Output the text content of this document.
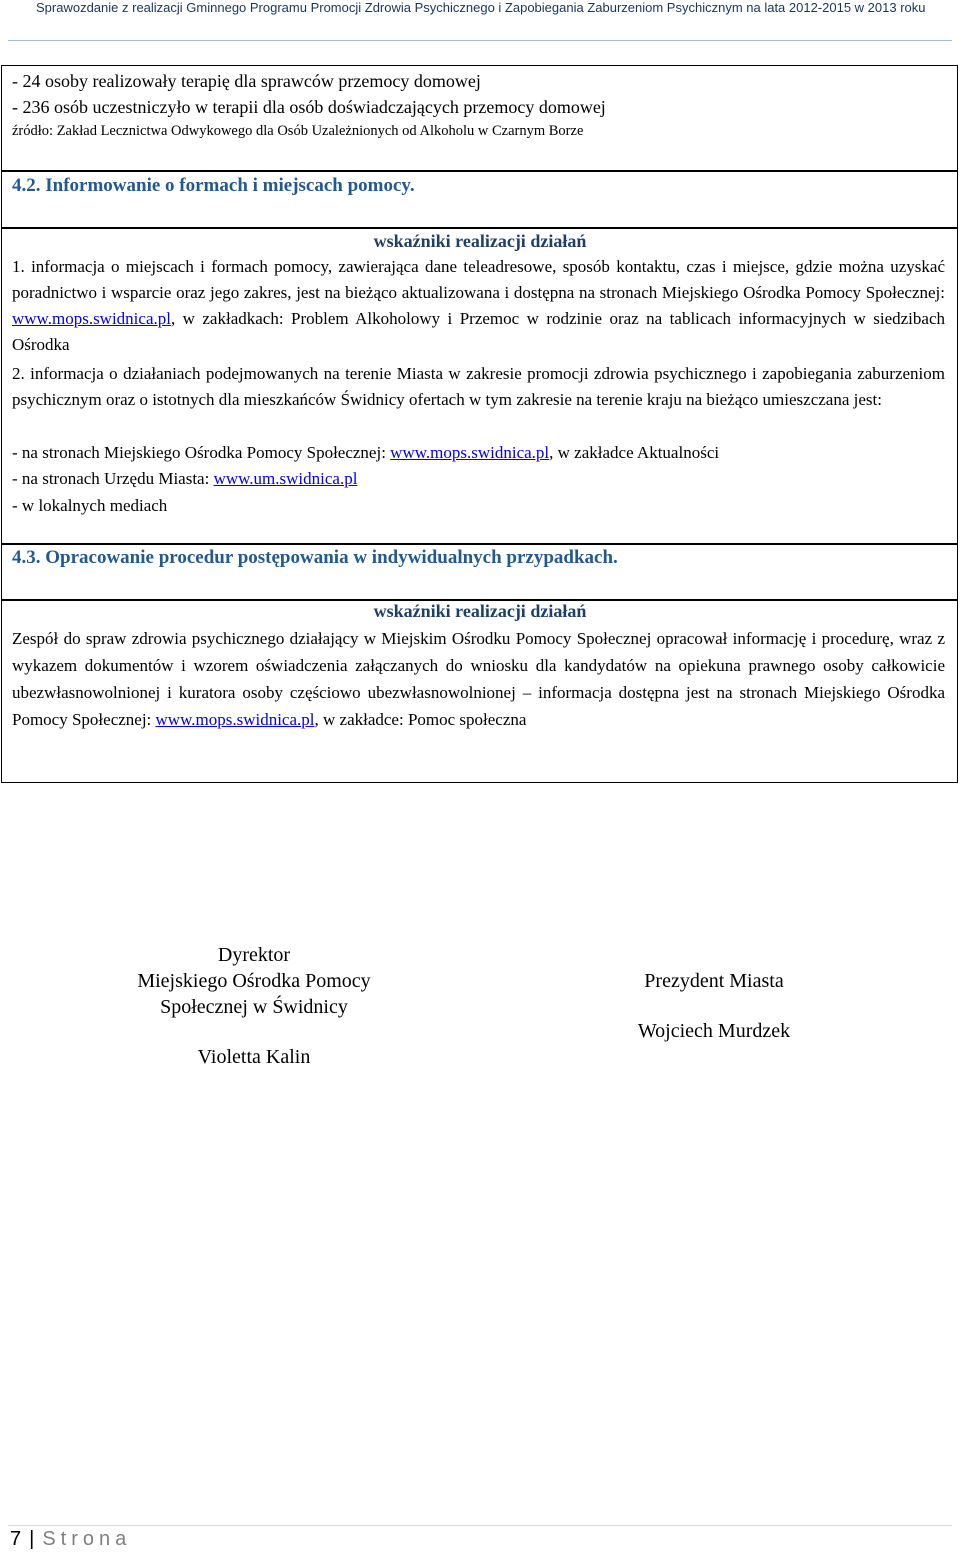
Sprawozdanie z realizacji Gminnego Programu Promocji Zdrowia Psychicznego i Zapobiegania Zaburzeniom Psychicznym na lata 2012-2015 w 2013 roku
- 24 osoby realizowały terapię dla sprawców przemocy domowej
- 236 osób uczestniczyło w terapii dla osób doświadczających przemocy domowej
źródło: Zakład Lecznictwa Odwykowego dla Osób Uzależnionych od Alkoholu w Czarnym Borze
4.2. Informowanie o formach i miejscach pomocy.
wskaźniki realizacji działań
1. informacja o miejscach i formach pomocy, zawierająca dane teleadresowe, sposób kontaktu, czas i miejsce, gdzie można uzyskać poradnictwo i wsparcie oraz jego zakres, jest na bieżąco aktualizowana i dostępna na stronach Miejskiego Ośrodka Pomocy Społecznej: www.mops.swidnica.pl, w zakładkach: Problem Alkoholowy i Przemoc w rodzinie oraz na tablicach informacyjnych w siedzibach Ośrodka
2. informacja o działaniach podejmowanych na terenie Miasta w zakresie promocji zdrowia psychicznego i zapobiegania zaburzeniom psychicznym oraz o istotnych dla mieszkańców Świdnicy ofertach w tym zakresie na terenie kraju na bieżąco umieszczana jest:
- na stronach Miejskiego Ośrodka Pomocy Społecznej: www.mops.swidnica.pl, w zakładce Aktualności
- na stronach Urzędu Miasta: www.um.swidnica.pl
- w lokalnych mediach
4.3. Opracowanie procedur postępowania w indywidualnych przypadkach.
wskaźniki realizacji działań
Zespół do spraw zdrowia psychicznego działający w Miejskim Ośrodku Pomocy Społecznej opracował informację i procedurę, wraz z wykazem dokumentów i wzorem oświadczenia załączanych do wniosku dla kandydatów na opiekuna prawnego osoby całkowicie ubezwłasnowolnionej i kuratora osoby częściowo ubezwłasnowolnionej – informacja dostępna jest na stronach Miejskiego Ośrodka Pomocy Społecznej: www.mops.swidnica.pl, w zakładce: Pomoc społeczna
Dyrektor
Miejskiego Ośrodka Pomocy
Społecznej w Świdnicy
Violetta Kalin
Prezydent Miasta
Wojciech Murdzek
7 | Strona
